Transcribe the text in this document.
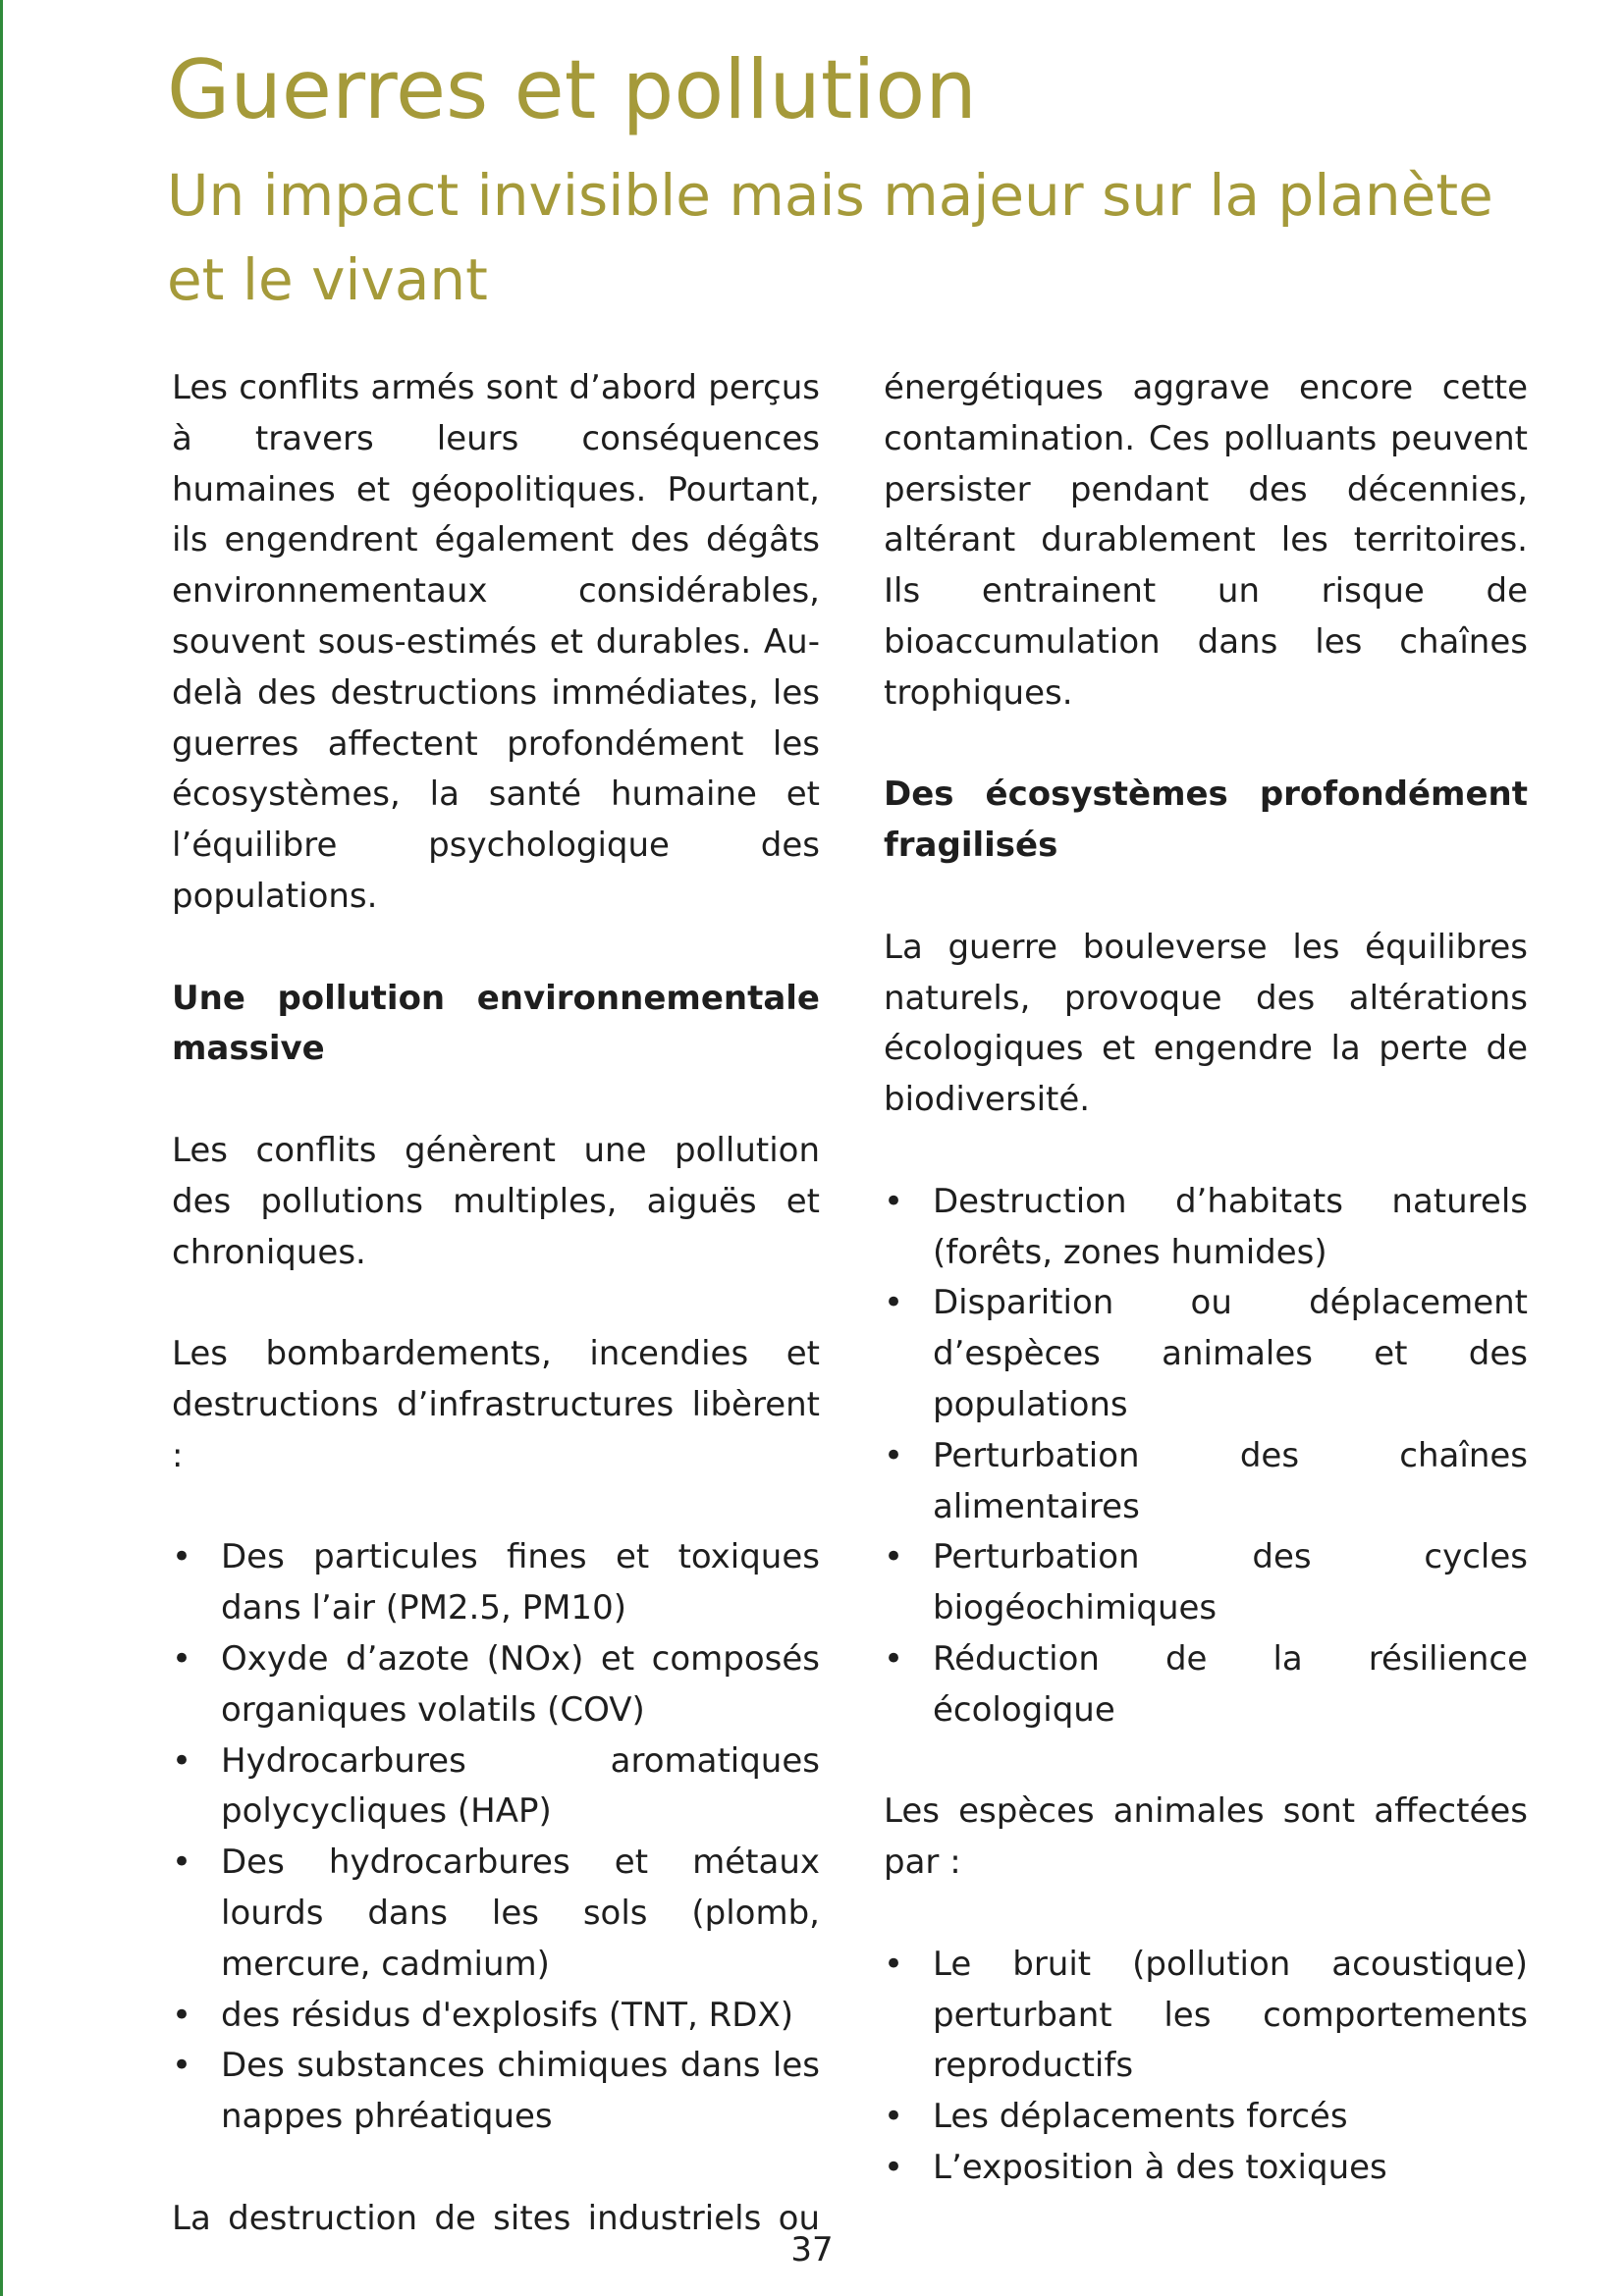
Guerres et pollution
Un impact invisible mais majeur sur la planète et le vivant

Les conflits armés sont d’abord perçus à travers leurs conséquences humaines et géopolitiques. Pourtant, ils engendrent également des dégâts environnementaux considérables, souvent sous-estimés et durables. Au-delà des destructions immédiates, les guerres affectent profondément les écosystèmes, la santé humaine et l’équilibre psychologique des populations.

Une pollution environnementale massive

Les conflits génèrent une pollution des pollutions multiples, aiguës et chroniques.

Les bombardements, incendies et destructions d’infrastructures libèrent :

• Des particules fines et toxiques dans l’air (PM2.5, PM10)
• Oxyde d’azote (NOx) et composés organiques volatils (COV)
• Hydrocarbures aromatiques polycycliques (HAP)
• Des hydrocarbures et métaux lourds dans les sols (plomb, mercure, cadmium)
• des résidus d'explosifs (TNT, RDX)
• Des substances chimiques dans les nappes phréatiques

La destruction de sites industriels ou

énergétiques aggrave encore cette contamination. Ces polluants peuvent persister pendant des décennies, altérant durablement les territoires. Ils entrainent un risque de bioaccumulation dans les chaînes trophiques.

Des écosystèmes profondément fragilisés

La guerre bouleverse les équilibres naturels, provoque des altérations écologiques et engendre la perte de biodiversité.

• Destruction d’habitats naturels (forêts, zones humides)
• Disparition ou déplacement d’espèces animales et des populations
• Perturbation des chaînes alimentaires
• Perturbation des cycles biogéochimiques
• Réduction de la résilience écologique

Les espèces animales sont affectées par :

• Le bruit (pollution acoustique) perturbant les comportements reproductifs
• Les déplacements forcés
• L’exposition à des toxiques
37
